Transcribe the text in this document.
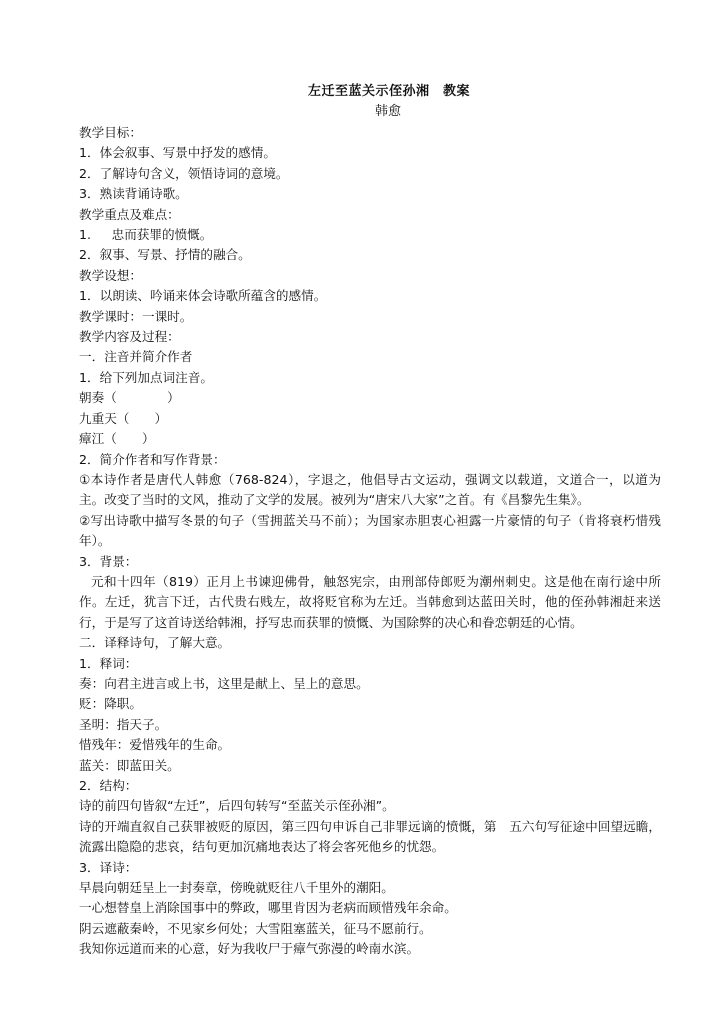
左迁至蓝关示侄孙湘　教案
韩愈
教学目标：
1．体会叙事、写景中抒发的感情。
2．了解诗句含义，领悟诗词的意境。
3．熟读背诵诗歌。
教学重点及难点：
1.　  忠而获罪的愤慨。
2．叙事、写景、抒情的融合。
教学设想：
1．以朗读、吟诵来体会诗歌所蕴含的感情。
教学课时：一课时。
教学内容及过程：
一．注音并简介作者
1．给下列加点词注音。
朝奏（　　　　）
九重天（　　）
瘴江（　　）
2．简介作者和写作背景：
①本诗作者是唐代人韩愈（768-824），字退之，他倡导古文运动，强调文以载道，文道合一，以道为主。改变了当时的文风，推动了文学的发展。被列为“唐宋八大家”之首。有《昌黎先生集》。
②写出诗歌中描写冬景的句子（雪拥蓝关马不前）；为国家赤胆衷心袒露一片豪情的句子（肯将衰朽惜残年）。
3．背景：
元和十四年（819）正月上书谏迎佛骨，触怒宪宗，由刑部侍郎贬为潮州刺史。这是他在南行途中所作。左迁，犹言下迁，古代贵右贱左，故将贬官称为左迁。当韩愈到达蓝田关时，他的侄孙韩湘赶来送行，于是写了这首诗送给韩湘，抒写忠而获罪的愤慨、为国除弊的决心和眷恋朝廷的心情。
二．译释诗句，了解大意。
1．释词：
奏：向君主进言或上书，这里是献上、呈上的意思。
贬：降职。
圣明：指天子。
惜残年：爱惜残年的生命。
蓝关：即蓝田关。
2．结构：
诗的前四句皆叙“左迁”，后四句转写“至蓝关示侄孙湘”。
诗的开端直叙自己获罪被贬的原因，第三四句申诉自己非罪远谪的愤慨，第　五六句写征途中回望远瞻，流露出隐隐的悲哀，结句更加沉痛地表达了将会客死他乡的忧怨。
3．译诗：
早晨向朝廷呈上一封奏章，傍晚就贬往八千里外的潮阳。
一心想替皇上消除国事中的弊政，哪里肯因为老病而顾惜残年余命。
阴云遮蔽秦岭，不见家乡何处；大雪阻塞蓝关，征马不愿前行。
我知你远道而来的心意，好为我收尸于瘴气弥漫的岭南水滨。
